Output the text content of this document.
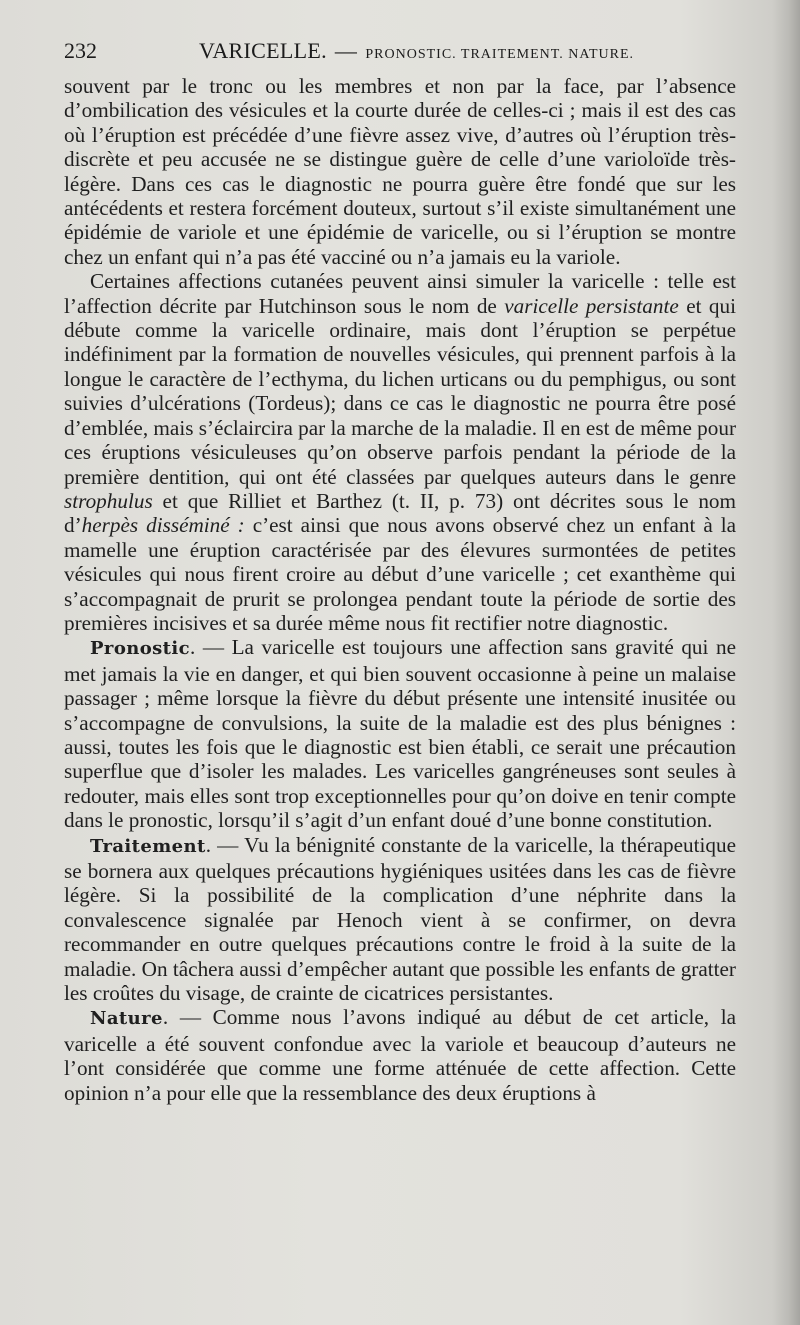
232	VARICELLE. — PRONOSTIC. TRAITEMENT. NATURE.

souvent par le tronc ou les membres et non par la face, par l’absence d’ombilication des vésicules et la courte durée de celles-ci ; mais il est des cas où l’éruption est précédée d’une fièvre assez vive, d’autres où l’éruption très-discrète et peu accusée ne se distingue guère de celle d’une varioloïde très-légère. Dans ces cas le diagnostic ne pourra guère être fondé que sur les antécédents et restera forcément douteux, surtout s’il existe simultanément une épidémie de variole et une épidémie de varicelle, ou si l’éruption se montre chez un enfant qui n’a pas été vacciné ou n’a jamais eu la variole.

Certaines affections cutanées peuvent ainsi simuler la varicelle : telle est l’affection décrite par Hutchinson sous le nom de varicelle persistante et qui débute comme la varicelle ordinaire, mais dont l’éruption se perpétue indéfiniment par la formation de nouvelles vésicules, qui prennent parfois à la longue le caractère de l’ecthyma, du lichen urticans ou du pemphigus, ou sont suivies d’ulcérations (Tordeus); dans ce cas le diagnostic ne pourra être posé d’emblée, mais s’éclaircira par la marche de la maladie. Il en est de même pour ces éruptions vésiculeuses qu’on observe parfois pendant la période de la première dentition, qui ont été classées par quelques auteurs dans le genre strophulus et que Rilliet et Barthez (t. II, p. 73) ont décrites sous le nom d’herpès disséminé : c’est ainsi que nous avons observé chez un enfant à la mamelle une éruption caractérisée par des élevures surmontées de petites vésicules qui nous firent croire au début d’une varicelle ; cet exanthème qui s’accompagnait de prurit se prolongea pendant toute la période de sortie des premières incisives et sa durée même nous fit rectifier notre diagnostic.

Pronostic. — La varicelle est toujours une affection sans gravité qui ne met jamais la vie en danger, et qui bien souvent occasionne à peine un malaise passager ; même lorsque la fièvre du début présente une intensité inusitée ou s’accompagne de convulsions, la suite de la maladie est des plus bénignes : aussi, toutes les fois que le diagnostic est bien établi, ce serait une précaution superflue que d’isoler les malades. Les varicelles gangréneuses sont seules à redouter, mais elles sont trop exceptionnelles pour qu’on doive en tenir compte dans le pronostic, lorsqu’il s’agit d’un enfant doué d’une bonne constitution.

Traitement. — Vu la bénignité constante de la varicelle, la thérapeutique se bornera aux quelques précautions hygiéniques usitées dans les cas de fièvre légère. Si la possibilité de la complication d’une néphrite dans la convalescence signalée par Henoch vient à se confirmer, on devra recommander en outre quelques précautions contre le froid à la suite de la maladie. On tâchera aussi d’empêcher autant que possible les enfants de gratter les croûtes du visage, de crainte de cicatrices persistantes.

Nature. — Comme nous l’avons indiqué au début de cet article, la varicelle a été souvent confondue avec la variole et beaucoup d’auteurs ne l’ont considérée que comme une forme atténuée de cette affection. Cette opinion n’a pour elle que la ressemblance des deux éruptions à
